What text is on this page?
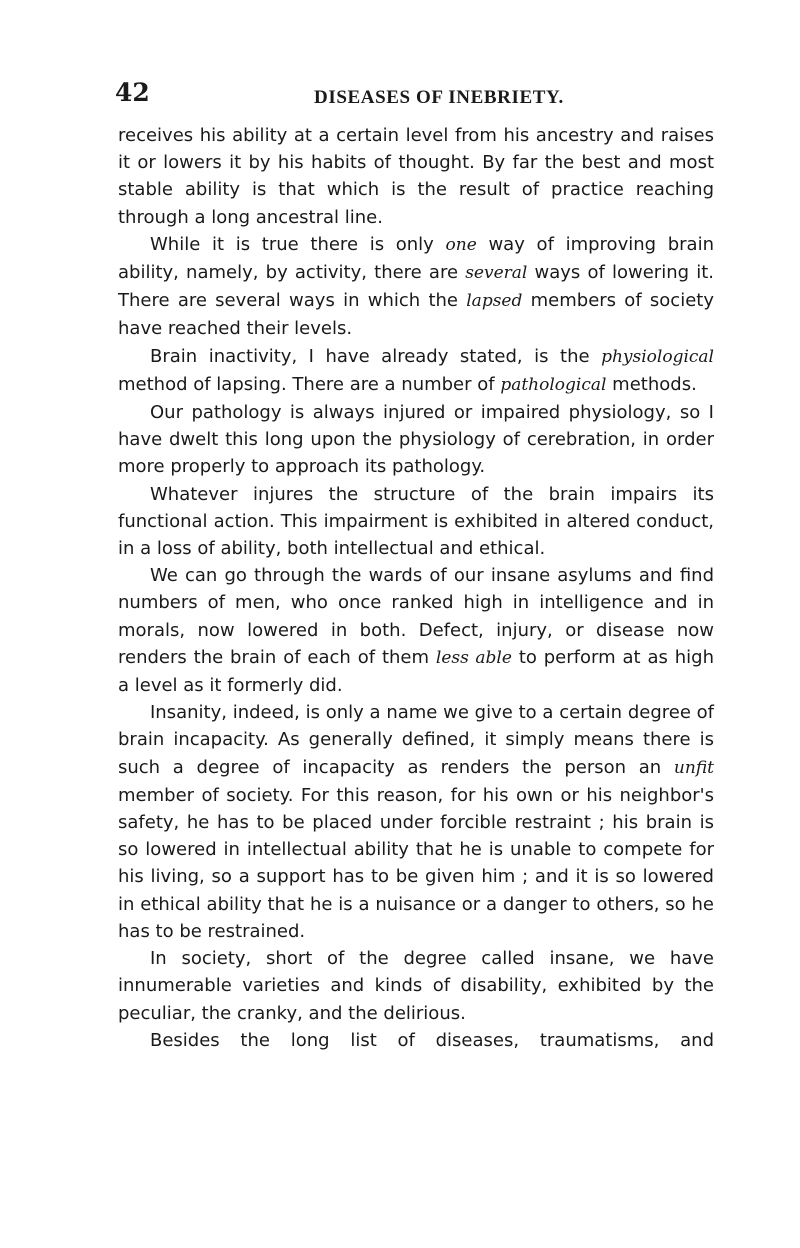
42	DISEASES OF INEBRIETY.

receives his ability at a certain level from his ancestry and raises it or lowers it by his habits of thought. By far the best and most stable ability is that which is the result of practice reaching through a long ancestral line.

While it is true there is only one way of improving brain ability, namely, by activity, there are several ways of lowering it. There are several ways in which the lapsed members of society have reached their levels.

Brain inactivity, I have already stated, is the physiological method of lapsing. There are a number of pathological methods.

Our pathology is always injured or impaired physiology, so I have dwelt this long upon the physiology of cerebration, in order more properly to approach its pathology.

Whatever injures the structure of the brain impairs its functional action. This impairment is exhibited in altered conduct, in a loss of ability, both intellectual and ethical.

We can go through the wards of our insane asylums and find numbers of men, who once ranked high in intelligence and in morals, now lowered in both. Defect, injury, or disease now renders the brain of each of them less able to perform at as high a level as it formerly did.

Insanity, indeed, is only a name we give to a certain degree of brain incapacity. As generally defined, it simply means there is such a degree of incapacity as renders the person an unfit member of society. For this reason, for his own or his neighbor's safety, he has to be placed under forcible restraint ; his brain is so lowered in intellectual ability that he is unable to compete for his living, so a support has to be given him ; and it is so lowered in ethical ability that he is a nuisance or a danger to others, so he has to be restrained.

In society, short of the degree called insane, we have innumerable varieties and kinds of disability, exhibited by the peculiar, the cranky, and the delirious.

Besides the long list of diseases, traumatisms, and
